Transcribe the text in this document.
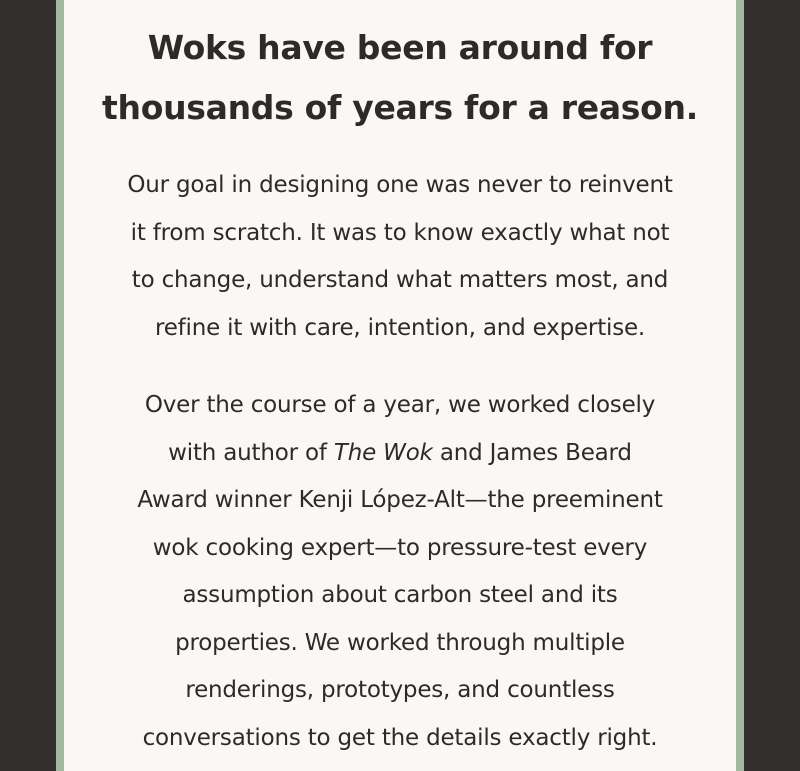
Woks have been around for
thousands of years for a reason.

Our goal in designing one was never to reinvent
it from scratch. It was to know exactly what not
to change, understand what matters most, and
refine it with care, intention, and expertise.

Over the course of a year, we worked closely
with author of The Wok and James Beard
Award winner Kenji López-Alt—the preeminent
wok cooking expert—to pressure-test every
assumption about carbon steel and its
properties. We worked through multiple
renderings, prototypes, and countless
conversations to get the details exactly right.
